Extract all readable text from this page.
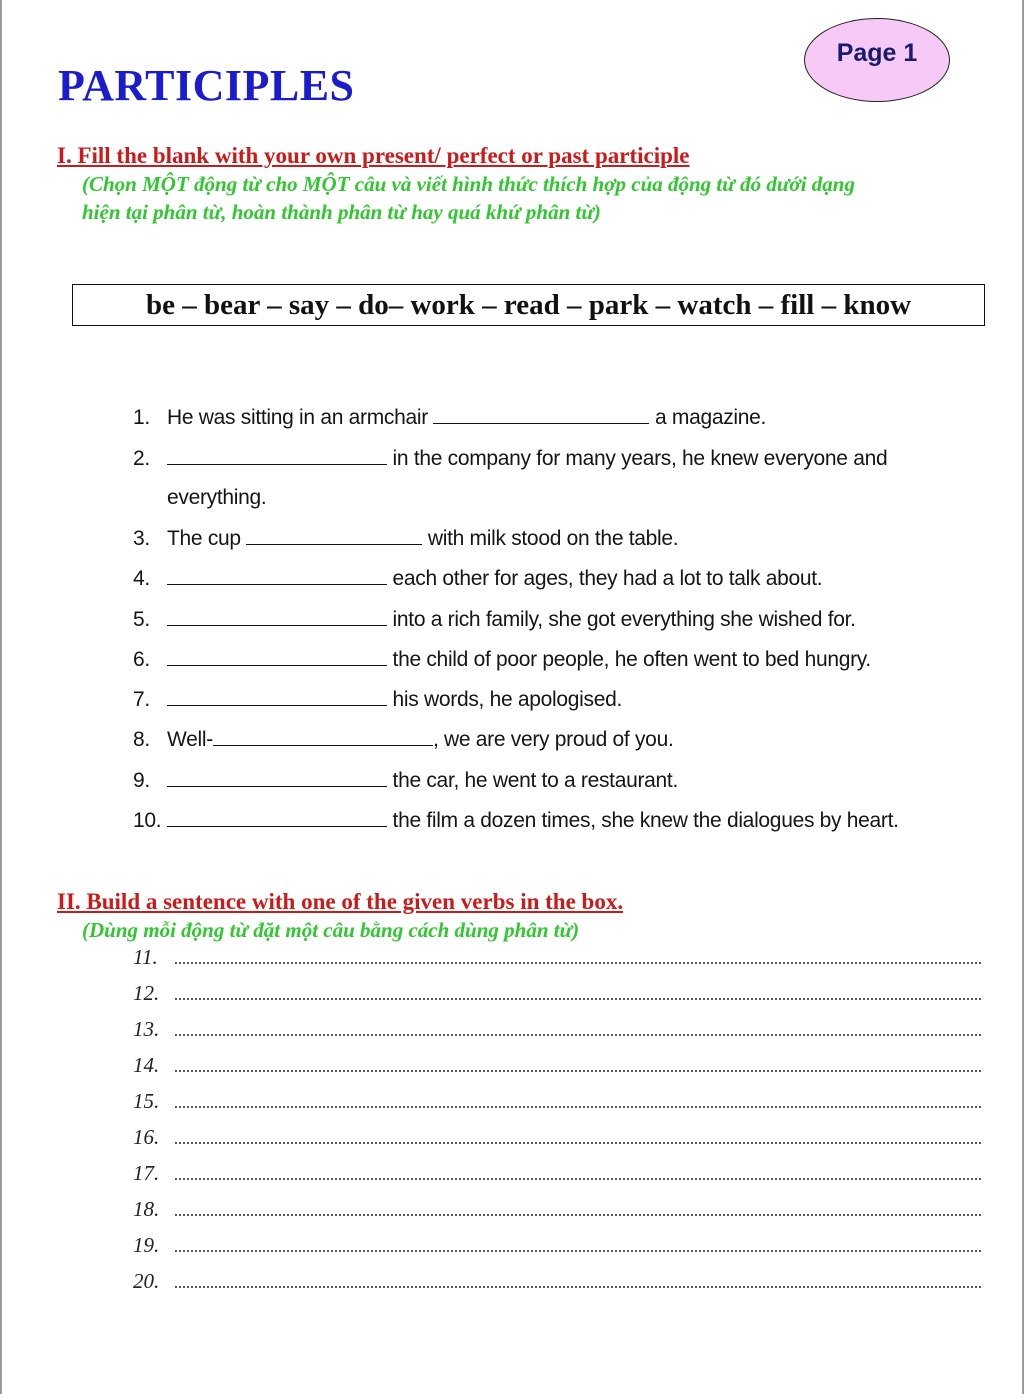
Page 1
PARTICIPLES
I. Fill the blank with your own present/ perfect or past participle
(Chọn MỘT động từ cho MỘT câu và viết hình thức thích hợp của động từ đó dưới dạng
hiện tại phân từ, hoàn thành phân từ hay quá khứ phân từ)
be – bear – say – do– work – read – park – watch – fill – know
1. He was sitting in an armchair	a magazine.
2.	in the company for many years, he knew everyone and
everything.
3. The cup	with milk stood on the table.
4.	each other for ages, they had a lot to talk about.
5.	into a rich family, she got everything she wished for.
6.	the child of poor people, he often went to bed hungry.
7.	his words, he apologised.
8. Well-	, we are very proud of you.
9.	the car, he went to a restaurant.
10.	the film a dozen times, she knew the dialogues by heart.
II. Build a sentence with one of the given verbs in the box.
(Dùng mỗi động từ đặt một câu bằng cách dùng phân từ)
11.
12.
13.
14.
15.
16.
17.
18.
19.
20.
